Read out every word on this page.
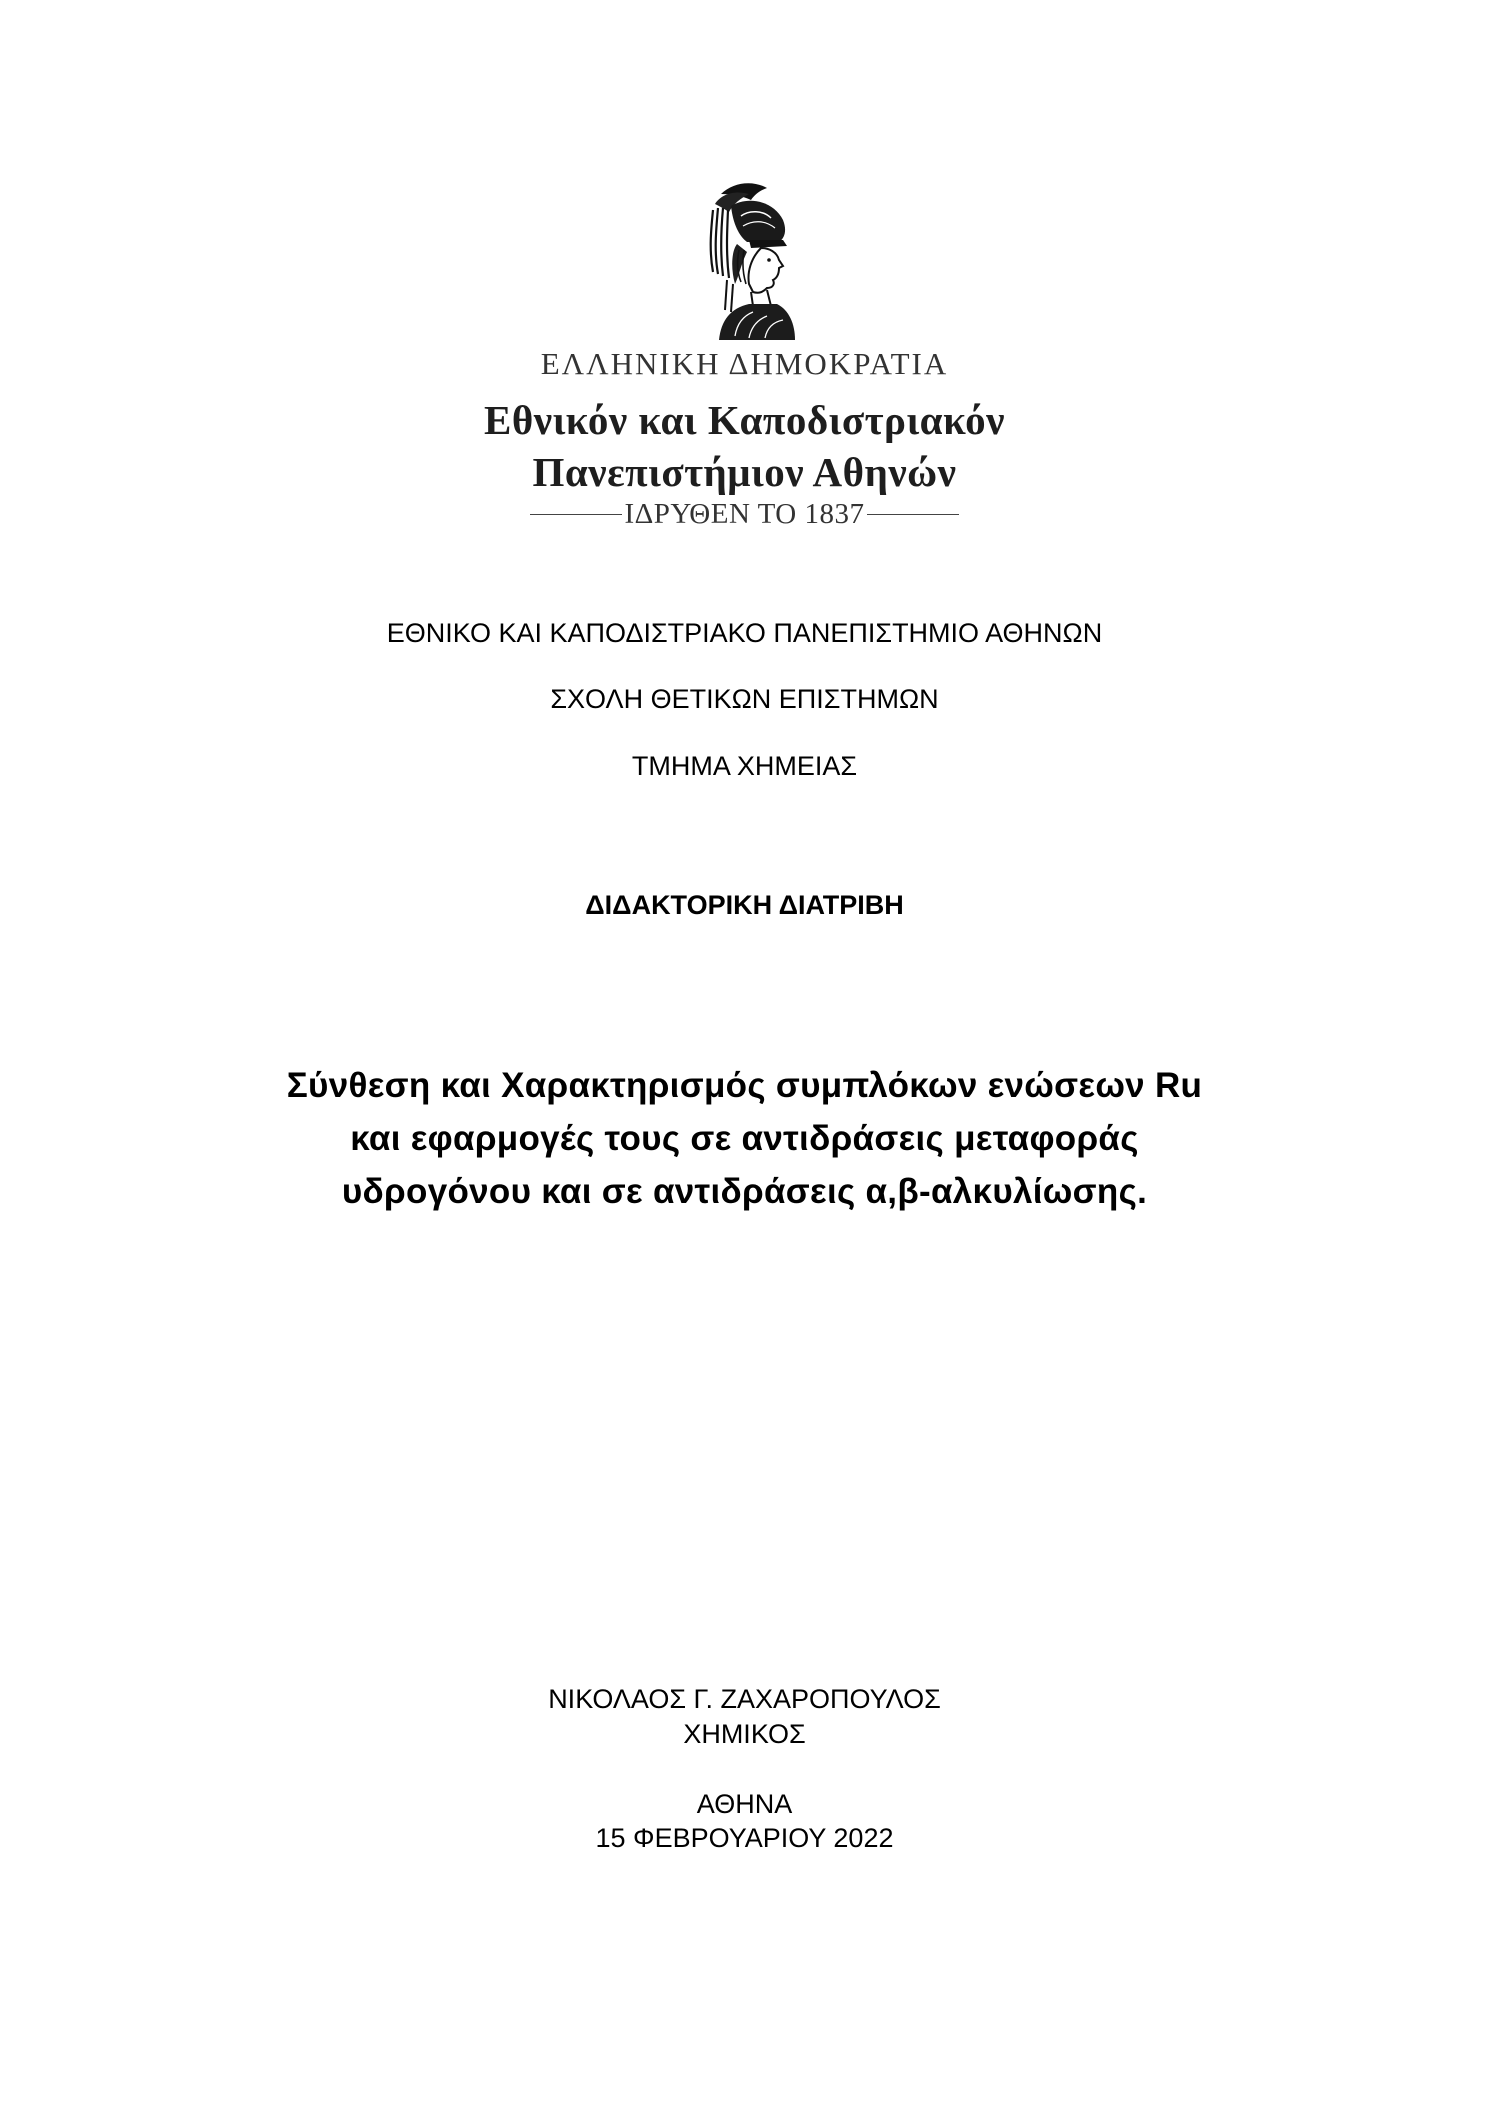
ΕΛΛΗΝΙΚΗ ΔΗΜΟΚΡΑΤΙΑ
Εθνικόν και Καποδιστριακόν
Πανεπιστήμιον Αθηνών
ΙΔΡΥΘΕΝ ΤΟ 1837
ΕΘΝΙΚΟ ΚΑΙ ΚΑΠΟΔΙΣΤΡΙΑΚΟ ΠΑΝΕΠΙΣΤΗΜΙΟ ΑΘΗΝΩΝ
ΣΧΟΛΗ ΘΕΤΙΚΩΝ ΕΠΙΣΤΗΜΩΝ
ΤΜΗΜΑ ΧΗΜΕΙΑΣ
ΔΙΔΑΚΤΟΡΙΚΗ ΔΙΑΤΡΙΒΗ
Σύνθεση και Χαρακτηρισμός συμπλόκων ενώσεων Ru
και εφαρμογές τους σε αντιδράσεις μεταφοράς
υδρογόνου και σε αντιδράσεις α,β-αλκυλίωσης.
ΝΙΚΟΛΑΟΣ Γ. ΖΑΧΑΡΟΠΟΥΛΟΣ
ΧΗΜΙΚΟΣ
ΑΘΗΝΑ
15 ΦΕΒΡΟΥΑΡΙΟΥ 2022
